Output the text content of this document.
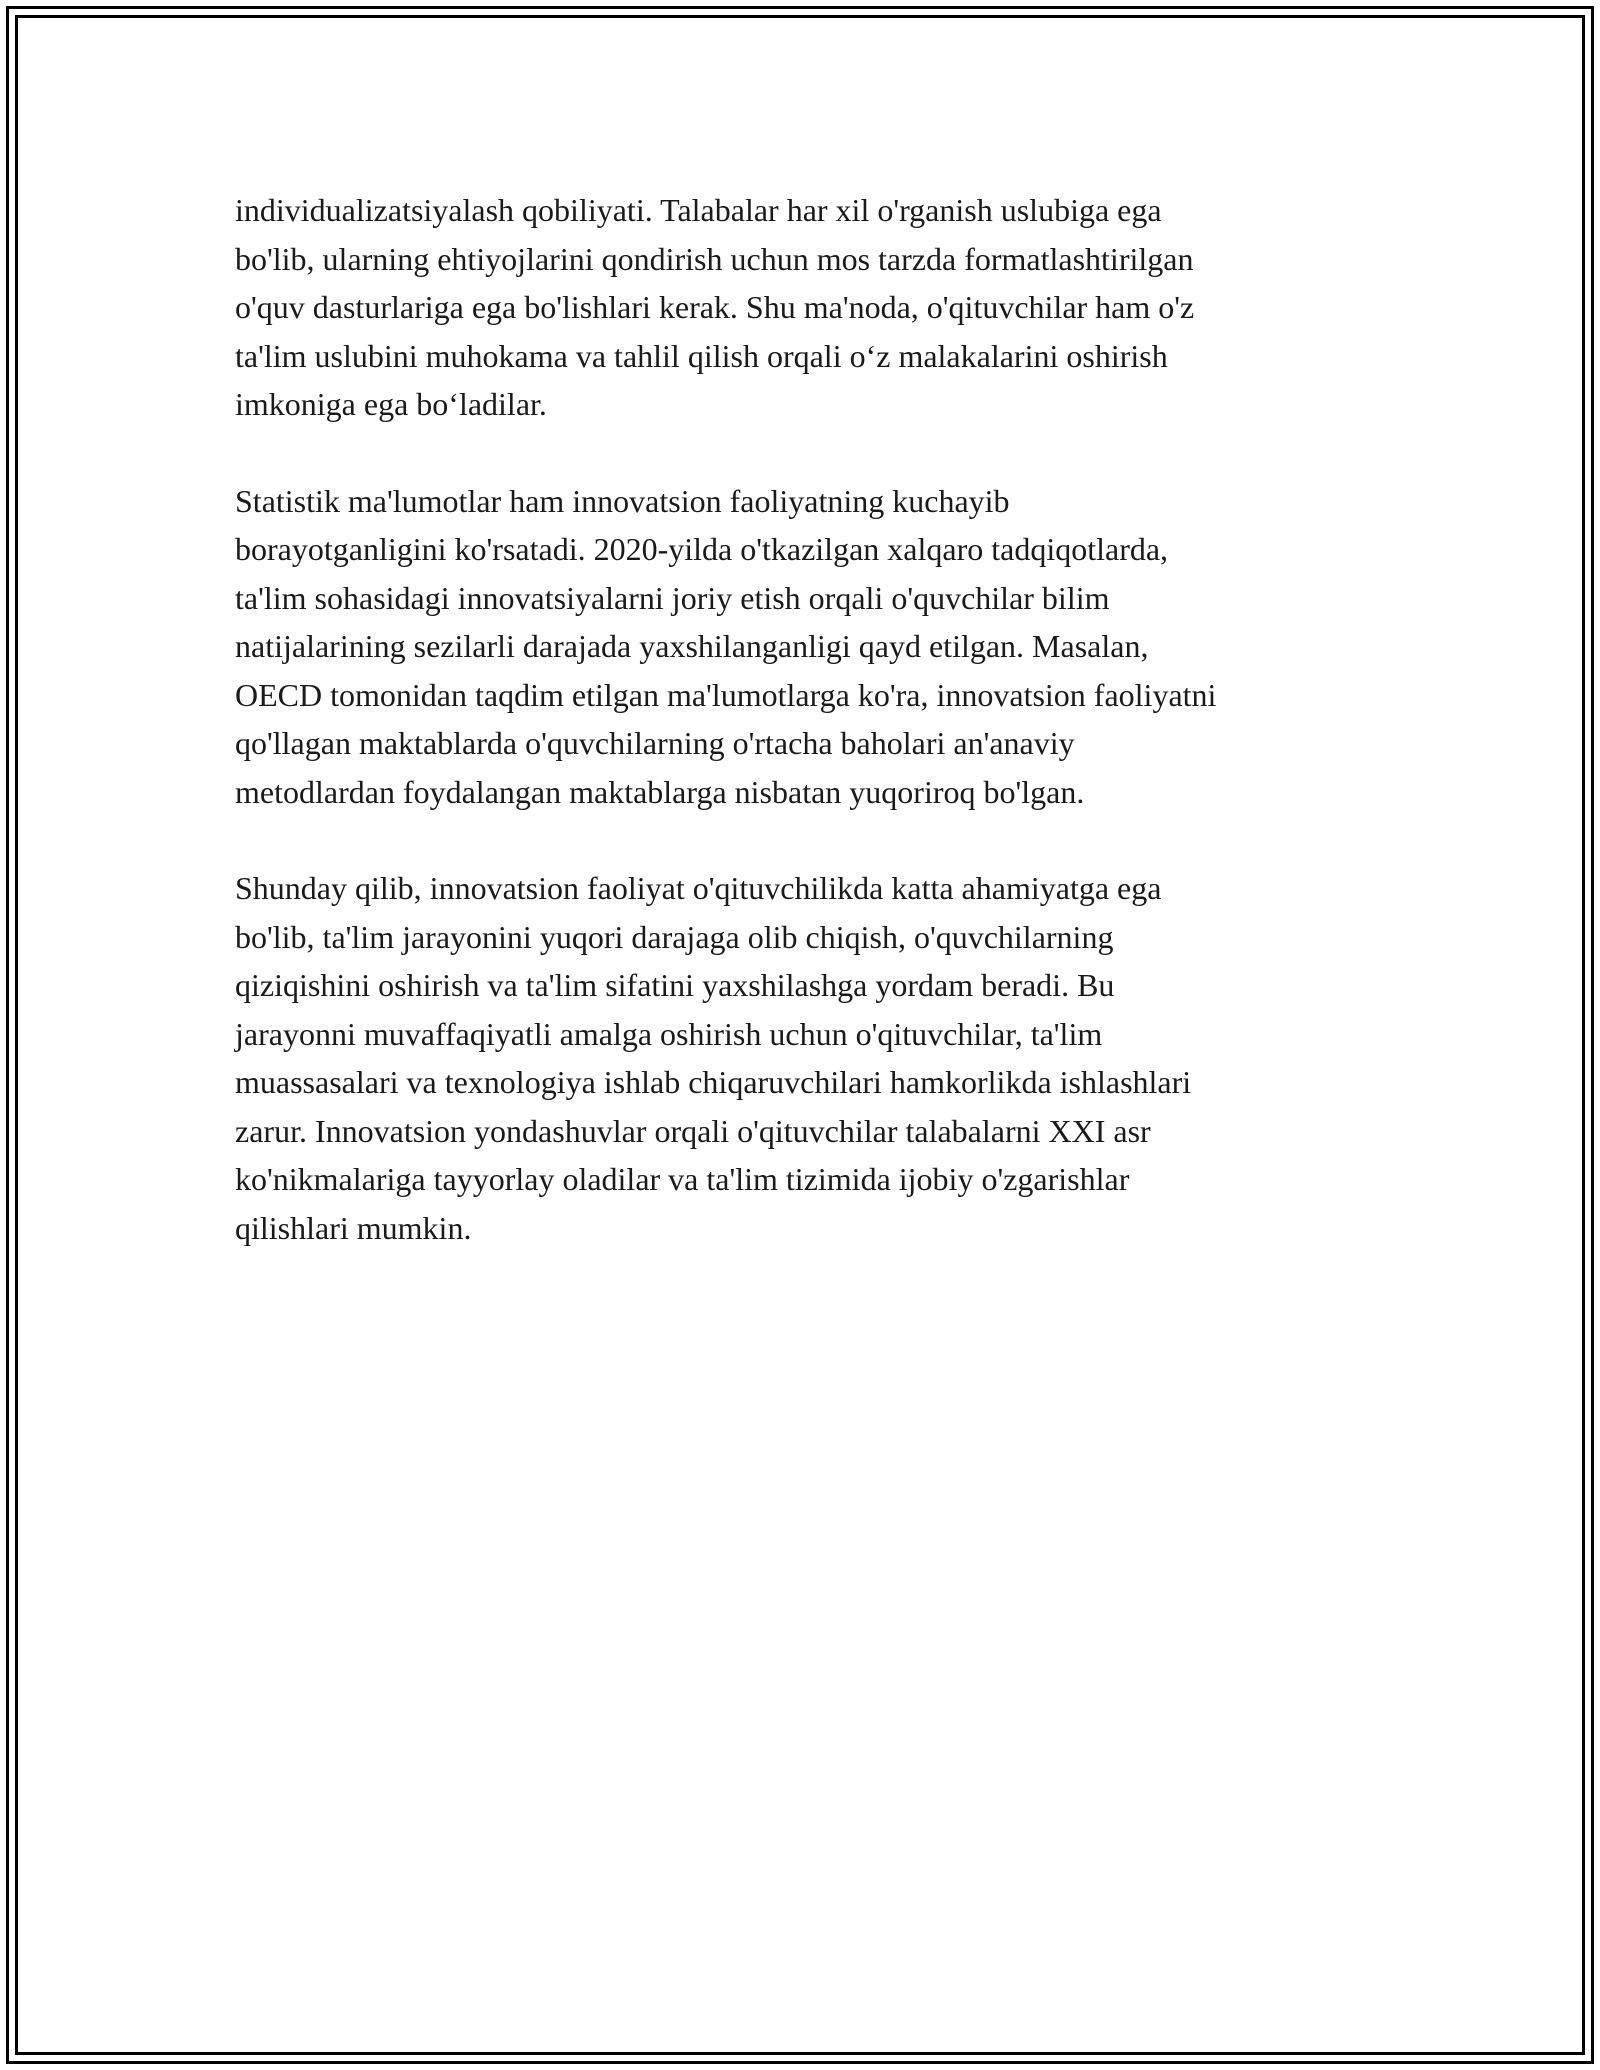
individualizatsiyalash qobiliyati. Talabalar har xil o'rganish uslubiga ega
bo'lib, ularning ehtiyojlarini qondirish uchun mos tarzda formatlashtirilgan
o'quv dasturlariga ega bo'lishlari kerak. Shu ma'noda, o'qituvchilar ham o'z
ta'lim uslubini muhokama va tahlil qilish orqali o‘z malakalarini oshirish
imkoniga ega bo‘ladilar.

Statistik ma'lumotlar ham innovatsion faoliyatning kuchayib
borayotganligini ko'rsatadi. 2020-yilda o'tkazilgan xalqaro tadqiqotlarda,
ta'lim sohasidagi innovatsiyalarni joriy etish orqali o'quvchilar bilim
natijalarining sezilarli darajada yaxshilanganligi qayd etilgan. Masalan,
OECD tomonidan taqdim etilgan ma'lumotlarga ko'ra, innovatsion faoliyatni
qo'llagan maktablarda o'quvchilarning o'rtacha baholari an'anaviy
metodlardan foydalangan maktablarga nisbatan yuqoriroq bo'lgan.

Shunday qilib, innovatsion faoliyat o'qituvchilikda katta ahamiyatga ega
bo'lib, ta'lim jarayonini yuqori darajaga olib chiqish, o'quvchilarning
qiziqishini oshirish va ta'lim sifatini yaxshilashga yordam beradi. Bu
jarayonni muvaffaqiyatli amalga oshirish uchun o'qituvchilar, ta'lim
muassasalari va texnologiya ishlab chiqaruvchilari hamkorlikda ishlashlari
zarur. Innovatsion yondashuvlar orqali o'qituvchilar talabalarni XXI asr
ko'nikmalariga tayyorlay oladilar va ta'lim tizimida ijobiy o'zgarishlar
qilishlari mumkin.
